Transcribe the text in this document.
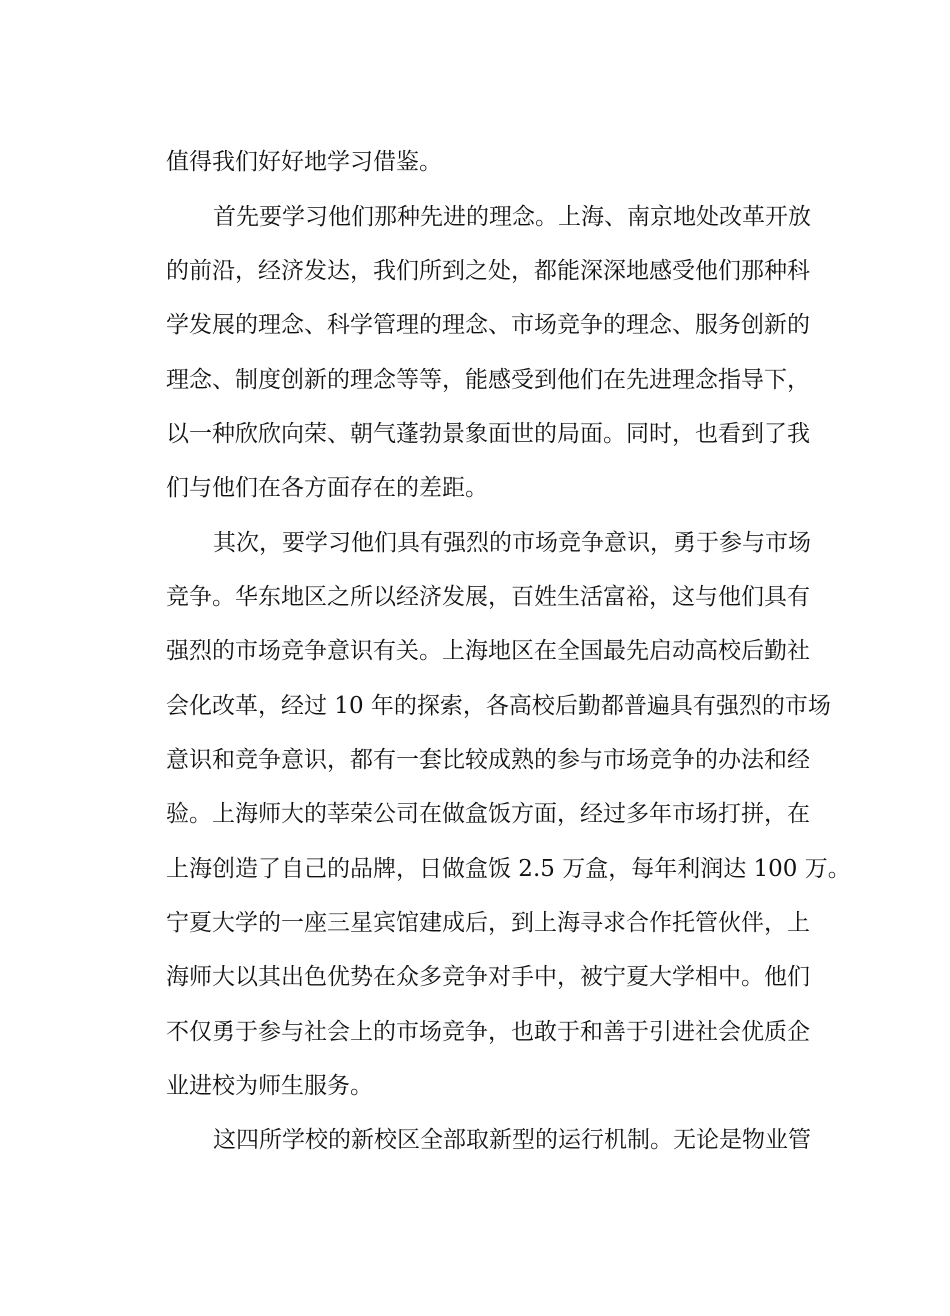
值得我们好好地学习借鉴。
首先要学习他们那种先进的理念。上海、南京地处改革开放
的前沿，经济发达，我们所到之处，都能深深地感受他们那种科
学发展的理念、科学管理的理念、市场竞争的理念、服务创新的
理念、制度创新的理念等等，能感受到他们在先进理念指导下，
以一种欣欣向荣、朝气蓬勃景象面世的局面。同时，也看到了我
们与他们在各方面存在的差距。
其次，要学习他们具有强烈的市场竞争意识，勇于参与市场
竞争。华东地区之所以经济发展，百姓生活富裕，这与他们具有
强烈的市场竞争意识有关。上海地区在全国最先启动高校后勤社
会化改革，经过 10 年的探索，各高校后勤都普遍具有强烈的市场
意识和竞争意识，都有一套比较成熟的参与市场竞争的办法和经
验。上海师大的莘荣公司在做盒饭方面，经过多年市场打拼，在
上海创造了自己的品牌，日做盒饭 2.5 万盒，每年利润达 100 万。
宁夏大学的一座三星宾馆建成后，到上海寻求合作托管伙伴，上
海师大以其出色优势在众多竞争对手中，被宁夏大学相中。他们
不仅勇于参与社会上的市场竞争，也敢于和善于引进社会优质企
业进校为师生服务。
这四所学校的新校区全部取新型的运行机制。无论是物业管
